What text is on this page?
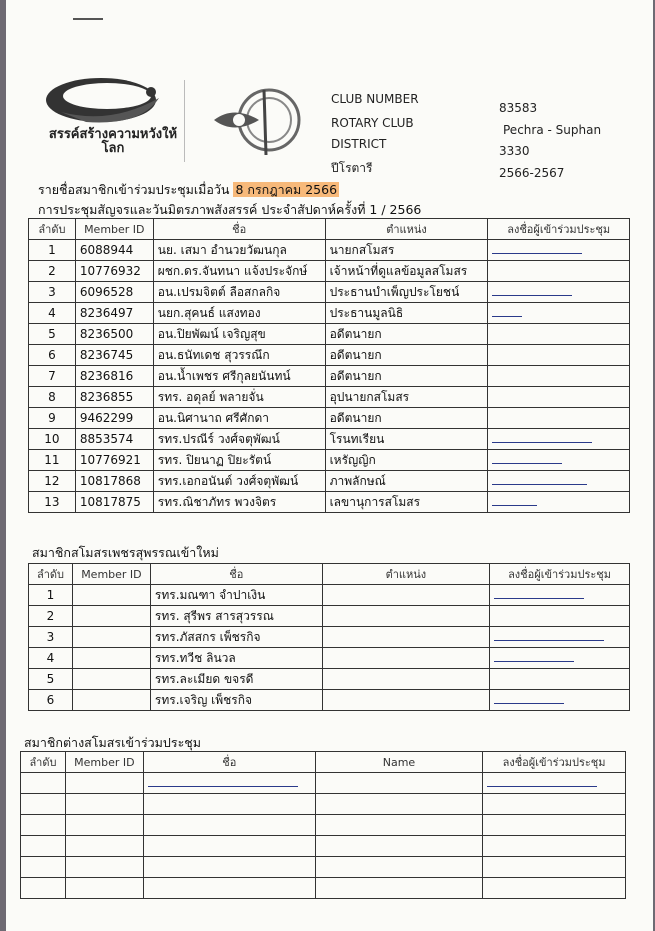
สรรค์สร้างความหวังให้โลก
CLUB NUMBER
ROTARY CLUB
DISTRICT
ปีโรตารี
83583
Pechra - Suphan
3330
2566-2567
รายชื่อสมาชิกเข้าร่วมประชุมเมื่อวัน 8 กรกฎาคม 2566
การประชุมสัญจรและวันมิตรภาพสังสรรค์ ประจำสัปดาห์ครั้งที่ 1 / 2566
ลำดับ	Member ID	ชื่อ	ตำแหน่ง	ลงชื่อผู้เข้าร่วมประชุม
1	6088944	นย. เสมา อำนวยวัฒนกุล	นายกสโมสร	
2	10776932	ผชก.ดร.จันทนา แจ้งประจักษ์	เจ้าหน้าที่ดูแลข้อมูลสโมสร	
3	6096528	อน.เปรมจิตต์ ลือสกลกิจ	ประธานบำเพ็ญประโยชน์	
4	8236497	นยก.สุคนธ์ แสงทอง	ประธานมูลนิธิ	
5	8236500	อน.ปิยพัฒน์ เจริญสุข	อดีตนายก	
6	8236745	อน.ธนัทเดช สุวรรณึก	อดีตนายก	
7	8236816	อน.น้ำเพชร ศรีกุลยนันทน์	อดีตนายก	
8	8236855	รทร. อดุลย์ พลายจั่น	อุปนายกสโมสร	
9	9462299	อน.นิศานาถ ศรีศักดา	อดีตนายก	
10	8853574	รทร.ปรณีร์ วงศ์จตุพัฒน์	โรนทเรียน	
11	10776921	รทร. ปิยนาฏ ปิยะรัตน์	เหรัญญิก	
12	10817868	รทร.เอกอนันต์ วงศ์จตุพัฒน์	ภาพลักษณ์	
13	10817875	รทร.ณิชาภัทร พวงจิตร	เลขานุการสโมสร	
สมาชิกสโมสรเพชรสุพรรณเข้าใหม่
ลำดับ	Member ID	ชื่อ	ตำแหน่ง	ลงชื่อผู้เข้าร่วมประชุม
1		รทร.มณฑา จำปาเงิน		
2		รทร. สุรีพร สารสุวรรณ		
3		รทร.ภัสสกร เพ็ชรกิจ		
4		รทร.ทวีช ลินวล		
5		รทร.ละเมียด ขจรดี		
6		รทร.เจริญ เพ็ชรกิจ		
สมาชิกต่างสโมสรเข้าร่วมประชุม
ลำดับ	Member ID	ชื่อ	Name	ลงชื่อผู้เข้าร่วมประชุม
